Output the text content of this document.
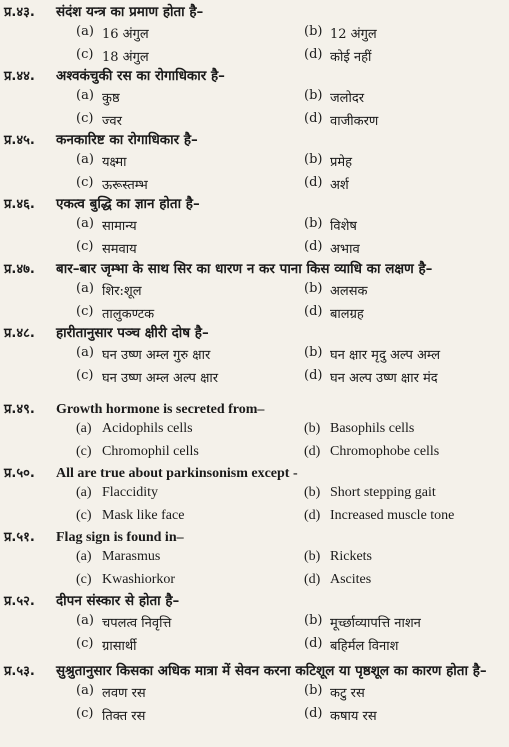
प्र.४३.	संदंश यन्त्र का प्रमाण होता है–
(a) 16 अंगुल	(b) 12 अंगुल
(c) 18 अंगुल	(d) कोई नहीं
प्र.४४.	अश्वकंचुकी रस का रोगाधिकार है–
(a) कुष्ठ	(b) जलोदर
(c) ज्वर	(d) वाजीकरण
प्र.४५.	कनकारिष्ट का रोगाधिकार है–
(a) यक्ष्मा	(b) प्रमेह
(c) ऊरूस्तम्भ	(d) अर्श
प्र.४६.	एकत्व बुद्धि का ज्ञान होता है–
(a) सामान्य	(b) विशेष
(c) समवाय	(d) अभाव
प्र.४७.	बार–बार जृम्भा के साथ सिर का धारण न कर पाना किस व्याधि का लक्षण है–
(a) शिर:शूल	(b) अलसक
(c) तालुकण्टक	(d) बालग्रह
प्र.४८.	हारीतानुसार पञ्च क्षीरी दोष है–
(a) घन उष्ण अम्ल गुरु क्षार	(b) घन क्षार मृदु अल्प अम्ल
(c) घन उष्ण अम्ल अल्प क्षार	(d) घन अल्प उष्ण क्षार मंद
प्र.४९.	Growth hormone is secreted from–
(a) Acidophils cells	(b) Basophils cells
(c) Chromophil cells	(d) Chromophobe cells
प्र.५०.	All are true about parkinsonism except -
(a) Flaccidity	(b) Short stepping gait
(c) Mask like face	(d) Increased muscle tone
प्र.५१.	Flag sign is found in–
(a) Marasmus	(b) Rickets
(c) Kwashiorkor	(d) Ascites
प्र.५२.	दीपन संस्कार से होता है–
(a) चपलत्व निवृत्ति	(b) मूर्च्छाव्यापत्ति नाशन
(c) ग्रासार्थी	(d) बहिर्मल विनाश
प्र.५३.	सुश्रुतानुसार किसका अधिक मात्रा में सेवन करना कटिशूल या पृष्ठशूल का कारण होता है–
(a) लवण रस	(b) कटु रस
(c) तिक्त रस	(d) कषाय रस
